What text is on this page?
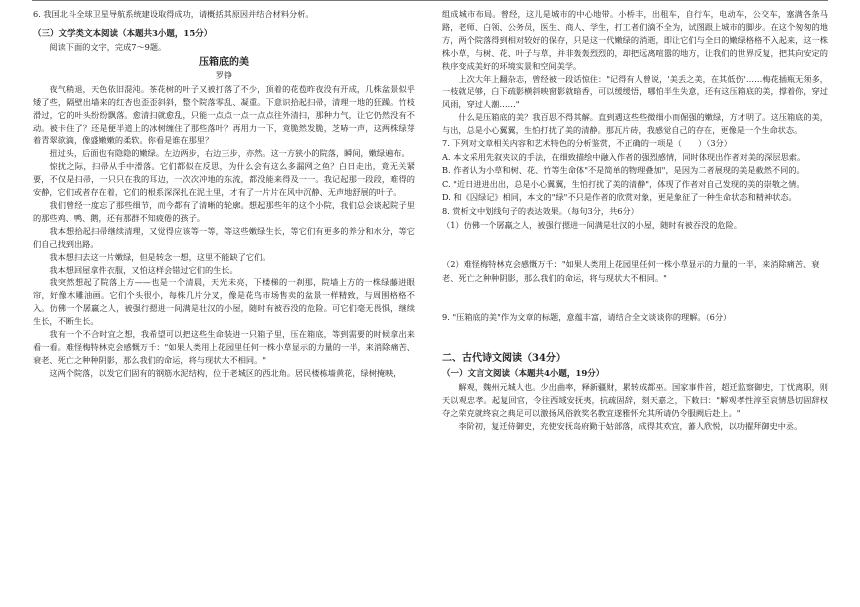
6. 我国北斗全球卫星导航系统建设取得成功，请概括其原因并结合材料分析。

（三）文学类文本阅读（本题共3小题，15分）

阅读下面的文字，完成7～9题。

压箱底的美

罗铮

夜气稍退，天色依旧混沌。茶花树的叶子又被打落了不少，顶着的花苞昨夜没有开成，几株盆景似乎矮了些，隔壁出墙来的红杏也歪歪斜斜，整个院落零乱、凝重。下意识拾起扫帚，清理一地的狂躁。竹枝滑过，它的叶头纷纷飘落。愈清扫就愈乱，只能一点点一点一点点往外清扫，那种力气，让它仍然没有不动。被卡住了？还是便半道上的冰树缠住了那些落叶？再用力一下，竟脆然发脆，芝哧一声，这两株绿芽着青翠欲滴，像盛嫩嫩的柔软。你看是谁在那里？

扭过头，后面也有隐隐的嫩绿。左边两步，右边三步，亦然。这一方狭小的院落，瞬间，嫩绿遍布。

惊扰之际，扫帚从手中滑落。它们都似在反思，为什么会有这么多漏网之鱼？白日走出，竟无关紧要，不仅是扫帚，一只只在我的耳边，一次次冲地的东流，都没能来得及一一。我记起那一段段，难得的安静，它们或者存在着，它们的根系深深扎在泥土里，才有了一片片在风中沉静、无声地舒展的叶子。

我们曾经一度忘了那些细节，而今都有了清晰的轮廓。想起那些年的这个小院，我们总会谈起院子里的那些鸡、鸭、鹅，还有那群不知疲倦的孩子。

我本想拾起扫帚继续清理，又觉得应该等一等，等这些嫩绿生长，等它们有更多的养分和水分，等它们自己找到出路。

我本想扫去这一片嫩绿，但是转念一想，这里不能缺了它们。

我本想回屋拿件衣服，又怕这样会错过它们的生长。

我突然想起了院落上方——也是一个清晨，天光未亮，下楼梯的一刹那，院墙上方的一株绿藤进眼帘，好像木雕油画。它们个头很小，每株几片分叉，像是花鸟市场售卖的盆景一样精致，与周围格格不入。仿佛一个孱羸之人，被强行摁进一间满是壮汉的小屋，随时有被吞没的危险。可它们毫无畏惧，继续生长，不断生长。

我有一个不合时宜之想，我希望可以把这些生命装进一只箱子里，压在箱底，等到需要的时候拿出来看一看。难怪梅特林克会感慨万千："如果人类用上花园里任何一株小草显示的力量的一半，来消除痛苦、衰老、死亡之种种阴影，那么我们的命运，将与现状大不相同。"

这两个院落，以发它们固有的钢筋水泥结构，位于老城区的西北角。居民楼栋墙黄花，绿树掩映，

组成城市布局。曾经，这儿是城市的中心地带。小桥丰，出租车，自行车，电动车，公交车，塞满各条马路，老师、白领、公务员，医生、商人、学生，打工者们滴不全为，试图跟上城市的脚步。在这个匆匆的地方，两个院落得到相对较好的保存，只是这一代嫩绿的消逝，即让它们与全日的嫩绿格格不入起来，这一株株小草，与树、花、叶子与草，并非轰轰烈烈的，却把远离喧嚣的地方，让我们的世界反复，把其向安定的秩序变成美好的环境实景和空间美学。

上次大年上翻杂志，曾经被一段话惊住："记得有人曾说，'美丢之美，在其低伤'……梅花插瓶无须多，一枝就足够，白下疏影横斜映窗影就暗香，可以缓缓悟，哪怕半生失意，还有这压箱底的美，撑着你，穿过风雨，穿过人潮……"

什么是压箱底的美？我百思不得其解。直到遇这些些微细小而倔强的嫩绿，方才明了。这压箱底的美，与出，总是小心翼翼，生怕打扰了美的清静。那瓦片砖，我感觉自己的存在，更像是一个生命状态。

7. 下列对文章相关内容和艺术特色的分析鉴赏，不正确的一项是（　　）（3分）

A. 本文采用先叙夹议的手法，在细致描绘中融入作者的强烈感情，同时体现出作者对美的深层思索。

B. 作者认为小草和树、花、竹等生命体"不是简单的物理叠加"，是因为二者展现的美是截然不同的。

C. "近日进进出出，总是小心翼翼，生怕打扰了美的清静"，体现了作者对自己发现的美的崇敬之情。

D. 和《囚绿记》相同，本文的"绿"不只是作者的欣赏对象，更是象征了一种生命状态和精神状态。

8. 赏析文中划线句子的表达效果。（每句3分，共6分）

（1）仿佛一个孱羸之人，被强行摁进一间满是壮汉的小屋，随时有被吞没的危险。

（2）难怪梅特林克会感慨万千："如果人类用上花园里任何一株小草显示的力量的一半，来消除痛苦、衰老、死亡之种种阴影，那么我们的命运，将与现状大不相同。"

9. "压箱底的美"作为文章的标题，意蕴丰富，请结合全文谈谈你的理解。（6分）

二、古代诗文阅读（34分）

（一）文言文阅读（本题共4小题，19分）

解观，魏州元城人也。少出曲率，释新疆财，累转成都巫。国家事件首，超迁监察御史，丁忧离职，则天以观忠孝。起复回官，令往西域安抚夷，抗疏固辞，刻天嘉之，下敕曰："解观孝性淳至哀情恳切固辞权夺之荣克就终哀之典足可以激扬风俗敦奖名教宜遂雅怀允其所请仍令服阙后赴上。"

李阶初，复迁侍御史，充使安抚岛府勤于姑部落，成得其欢宜，蕃人欣悦，以功擢拜御史中丞。
